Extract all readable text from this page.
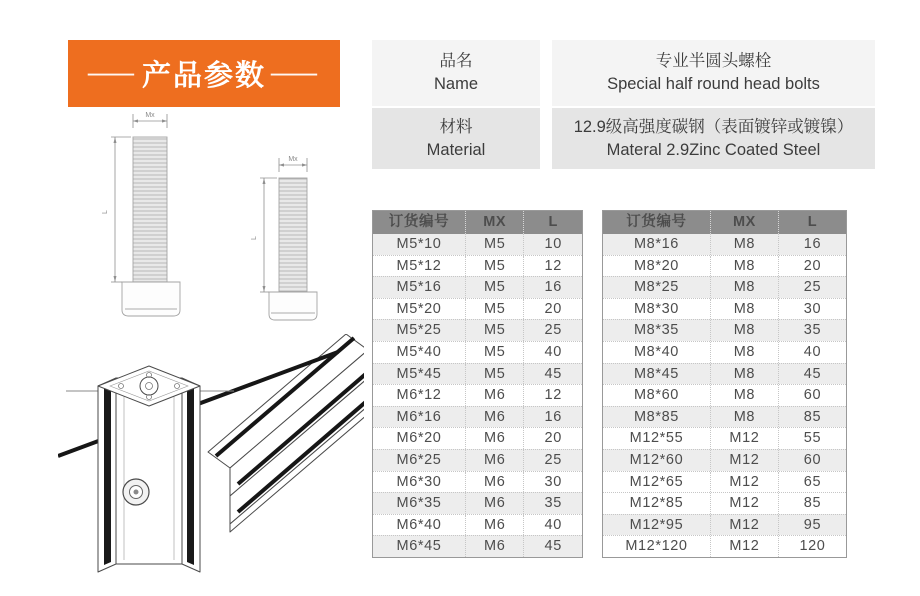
— 产品参数 —
Mx
L
Mx
L
品名
Name
专业半圆头螺栓
Special half round head bolts
材料
Material
12.9级高强度碳钢（表面镀锌或镀镍）
Materal 2.9Zinc Coated Steel
订货编号	MX	L
M5*10	M5	10
M5*12	M5	12
M5*16	M5	16
M5*20	M5	20
M5*25	M5	25
M5*40	M5	40
M5*45	M5	45
M6*12	M6	12
M6*16	M6	16
M6*20	M6	20
M6*25	M6	25
M6*30	M6	30
M6*35	M6	35
M6*40	M6	40
M6*45	M6	45
订货编号	MX	L
M8*16	M8	16
M8*20	M8	20
M8*25	M8	25
M8*30	M8	30
M8*35	M8	35
M8*40	M8	40
M8*45	M8	45
M8*60	M8	60
M8*85	M8	85
M12*55	M12	55
M12*60	M12	60
M12*65	M12	65
M12*85	M12	85
M12*95	M12	95
M12*120	M12	120
